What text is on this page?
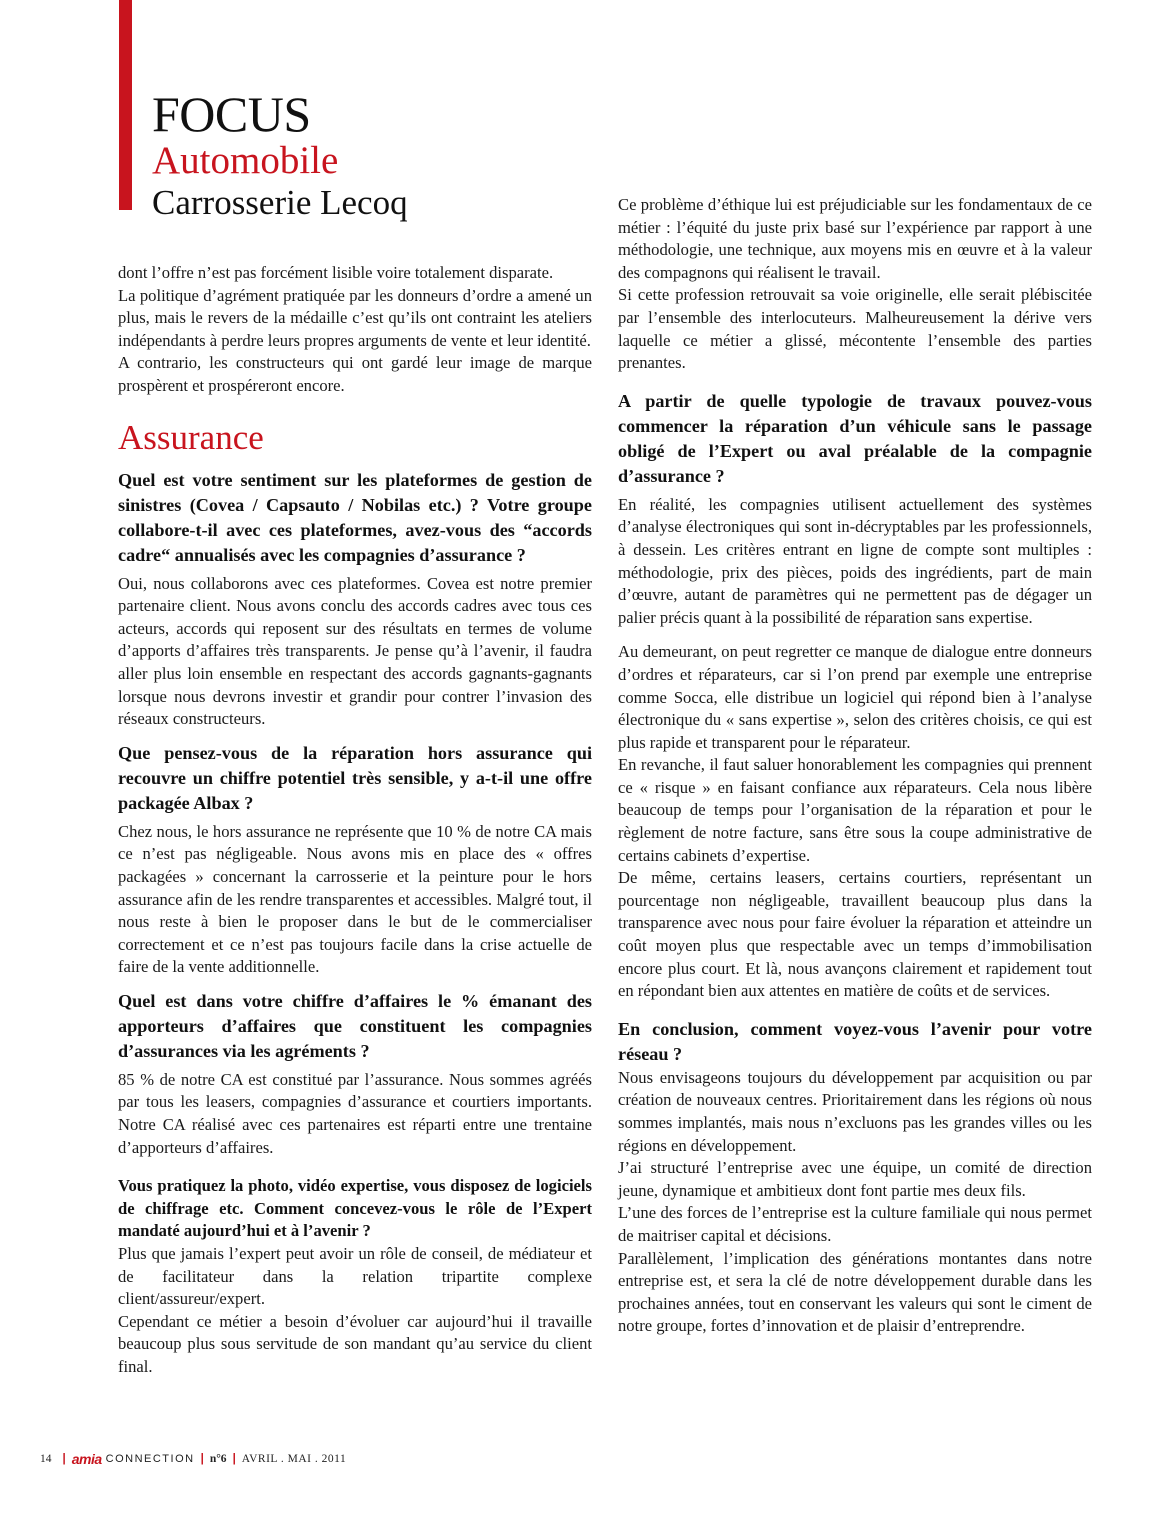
FOCUS
Automobile
Carrosserie Lecoq

dont l’offre n’est pas forcément lisible voire totalement disparate.

La politique d’agrément pratiquée par les donneurs d’ordre a amené un plus, mais le revers de la médaille c’est qu’ils ont contraint les ateliers indépendants à perdre leurs propres arguments de vente et leur identité.

A contrario, les constructeurs qui ont gardé leur image de marque prospèrent et prospéreront encore.

Assurance
Quel est votre sentiment sur les plateformes de gestion de sinistres (Covea / Capsauto / Nobilas etc.) ? Votre groupe collabore-t-il avec ces plateformes, avez-vous des “accords cadre“ annualisés avec les compagnies d’assurance ?

Oui, nous collaborons avec ces plateformes. Covea est notre premier partenaire client. Nous avons conclu des accords cadres avec tous ces acteurs, accords qui reposent sur des résultats en termes de volume d’apports d’affaires très transparents. Je pense qu’à l’avenir, il faudra aller plus loin ensemble en respectant des accords gagnants-gagnants lorsque nous devrons investir et grandir pour contrer l’invasion des réseaux constructeurs.

Que pensez-vous de la réparation hors assurance qui recouvre un chiffre potentiel très sensible, y a-t-il une offre packagée Albax ?

Chez nous, le hors assurance ne représente que 10 % de notre CA mais ce n’est pas négligeable. Nous avons mis en place des « offres packagées » concernant la carrosserie et la peinture pour le hors assurance afin de les rendre transparentes et accessibles. Malgré tout, il nous reste à bien le proposer dans le but de le commercialiser correctement et ce n’est pas toujours facile dans la crise actuelle de faire de la vente additionnelle.

Quel est dans votre chiffre d’affaires le % émanant des apporteurs d’affaires que constituent les compagnies d’assurances via les agréments ?

85 % de notre CA est constitué par l’assurance. Nous sommes agréés par tous les leasers, compagnies d’assurance et courtiers importants. Notre CA réalisé avec ces partenaires est réparti entre une trentaine d’apporteurs d’affaires.

Vous pratiquez la photo, vidéo expertise, vous disposez de logiciels de chiffrage etc. Comment concevez-vous le rôle de l’Expert mandaté aujourd’hui et à l’avenir ?

Plus que jamais l’expert peut avoir un rôle de conseil, de médiateur et de facilitateur dans la relation tripartite complexe client/assureur/expert.

Cependant ce métier a besoin d’évoluer car aujourd’hui il travaille beaucoup plus sous servitude de son mandant qu’au service du client final.

Ce problème d’éthique lui est préjudiciable sur les fondamentaux de ce métier : l’équité du juste prix basé sur l’expérience par rapport à une méthodologie, une technique, aux moyens mis en œuvre et à la valeur des compagnons qui réalisent le travail.

Si cette profession retrouvait sa voie originelle, elle serait plébiscitée par l’ensemble des interlocuteurs. Malheureusement la dérive vers laquelle ce métier a glissé, mécontente l’ensemble des parties prenantes.

A partir de quelle typologie de travaux pouvez-vous commencer la réparation d’un véhicule sans le passage obligé de l’Expert ou aval préalable de la compagnie d’assurance ?

En réalité, les compagnies utilisent actuellement des systèmes d’analyse électroniques qui sont in-décryptables par les professionnels, à dessein. Les critères entrant en ligne de compte sont multiples : méthodologie, prix des pièces, poids des ingrédients, part de main d’œuvre, autant de paramètres qui ne permettent pas de dégager un palier précis quant à la possibilité de réparation sans expertise.

Au demeurant, on peut regretter ce manque de dialogue entre donneurs d’ordres et réparateurs, car si l’on prend par exemple une entreprise comme Socca, elle distribue un logiciel qui répond bien à l’analyse électronique du « sans expertise », selon des critères choisis, ce qui est plus rapide et transparent pour le réparateur.

En revanche, il faut saluer honorablement les compagnies qui prennent ce « risque » en faisant confiance aux réparateurs. Cela nous libère beaucoup de temps pour l’organisation de la réparation et pour le règlement de notre facture, sans être sous la coupe administrative de certains cabinets d’expertise.

De même, certains leasers, certains courtiers, représentant un pourcentage non négligeable, travaillent beaucoup plus dans la transparence avec nous pour faire évoluer la réparation et atteindre un coût moyen plus que respectable avec un temps d’immobilisation encore plus court. Et là, nous avançons clairement et rapidement tout en répondant bien aux attentes en matière de coûts et de services.

En conclusion, comment voyez-vous l’avenir pour votre réseau ?

Nous envisageons toujours du développement par acquisition ou par création de nouveaux centres. Prioritairement dans les régions où nous sommes implantés, mais nous n’excluons pas les grandes villes ou les régions en développement.

J’ai structuré l’entreprise avec une équipe, un comité de direction jeune, dynamique et ambitieux dont font partie mes deux fils.

L’une des forces de l’entreprise est la culture familiale qui nous permet de maitriser capital et décisions.

Parallèlement, l’implication des générations montantes dans notre entreprise est, et sera la clé de notre développement durable dans les prochaines années, tout en conservant les valeurs qui sont le ciment de notre groupe, fortes d’innovation et de plaisir d’entreprendre.

14 | amia CONNECTION | n°6 | AVRIL . MAI . 2011
